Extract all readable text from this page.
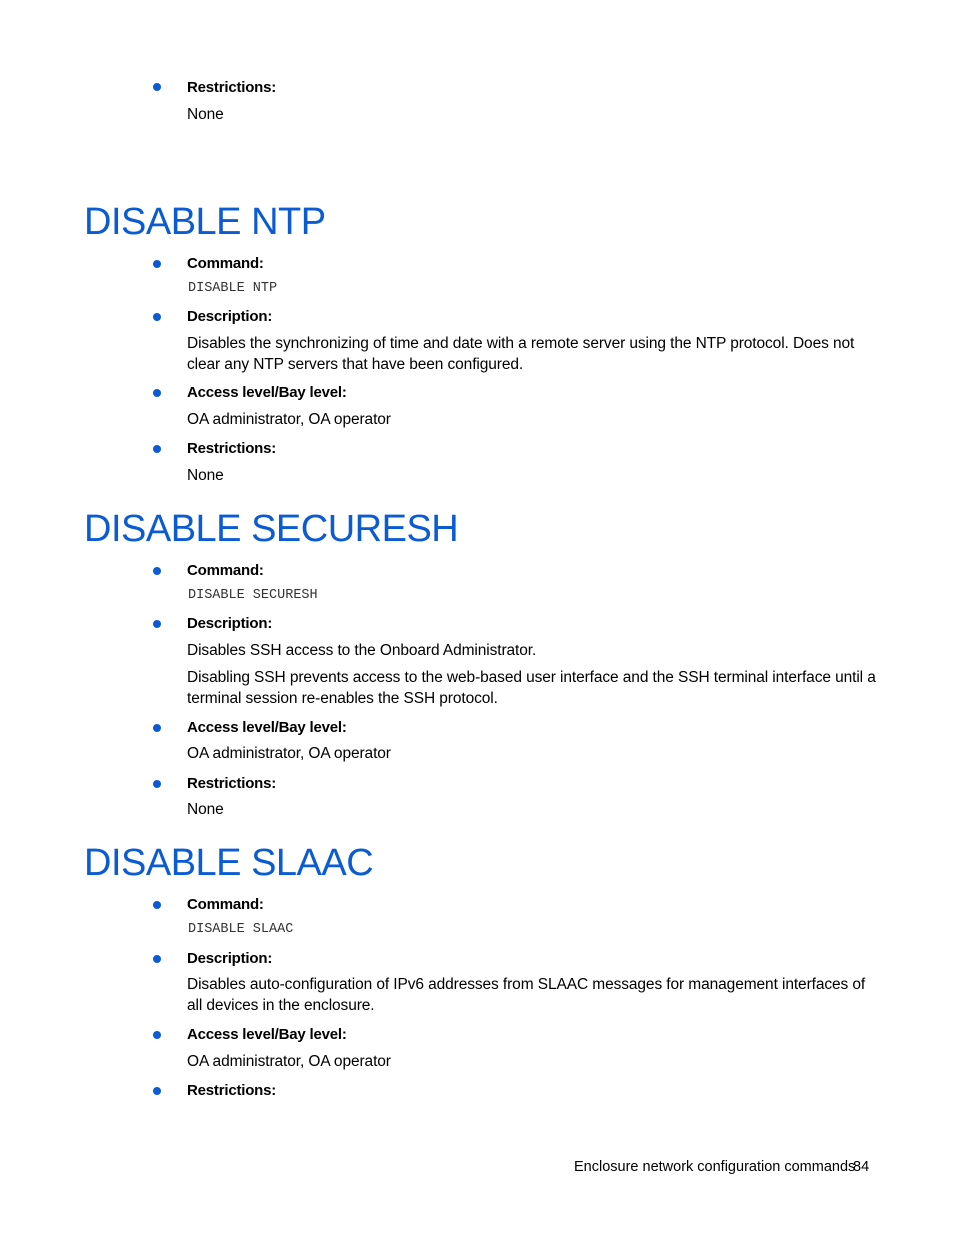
Restrictions:
None
DISABLE NTP
Command:
DISABLE NTP
Description:
Disables the synchronizing of time and date with a remote server using the NTP protocol. Does not clear any NTP servers that have been configured.
Access level/Bay level:
OA administrator, OA operator
Restrictions:
None
DISABLE SECURESH
Command:
DISABLE SECURESH
Description:
Disables SSH access to the Onboard Administrator.
Disabling SSH prevents access to the web-based user interface and the SSH terminal interface until a terminal session re-enables the SSH protocol.
Access level/Bay level:
OA administrator, OA operator
Restrictions:
None
DISABLE SLAAC
Command:
DISABLE SLAAC
Description:
Disables auto-configuration of IPv6 addresses from SLAAC messages for management interfaces of all devices in the enclosure.
Access level/Bay level:
OA administrator, OA operator
Restrictions:
Enclosure network configuration commands
84
